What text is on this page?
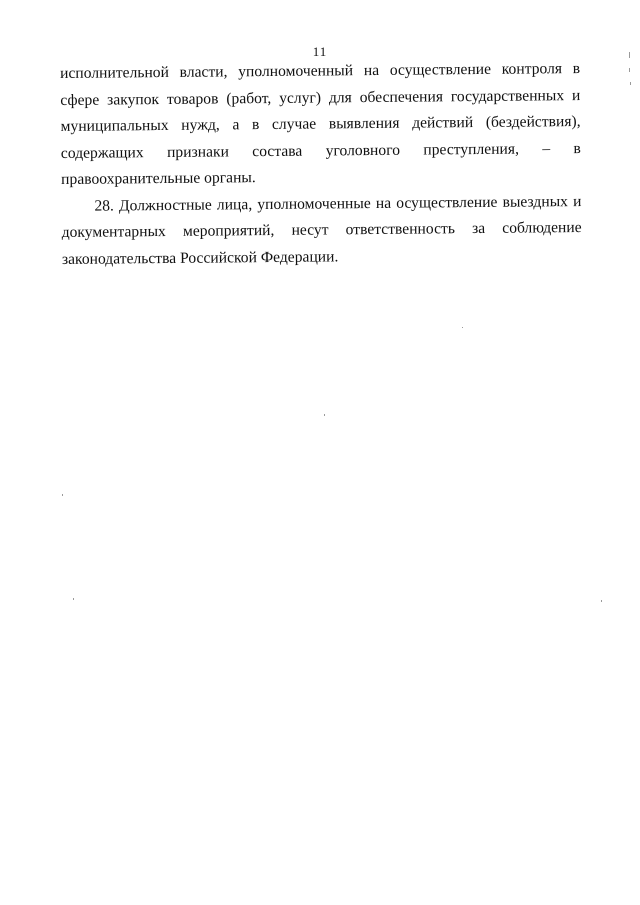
11

исполнительной власти, уполномоченный на осуществление контроля в сфере закупок товаров (работ, услуг) для обеспечения государственных и муниципальных нужд, а в случае выявления действий (бездействия), содержащих признаки состава уголовного преступления, – в правоохранительные органы.

28. Должностные лица, уполномоченные на осуществление выездных и документарных мероприятий, несут ответственность за соблюдение законодательства Российской Федерации.
